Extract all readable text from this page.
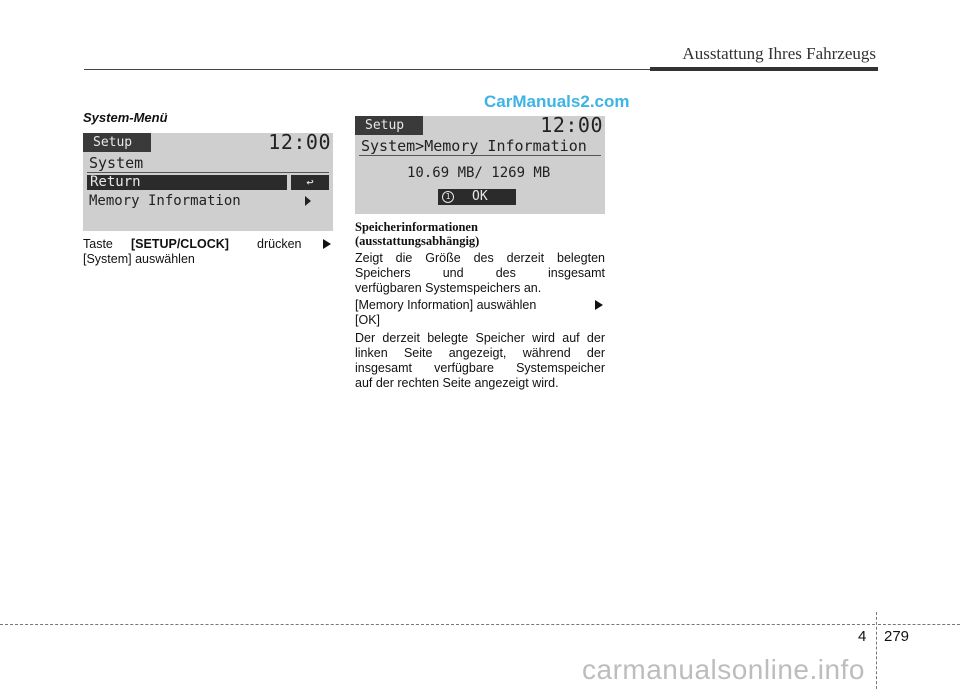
Ausstattung Ihres Fahrzeugs
CarManuals2.com
System-Menü
Setup	12:00
System
Return	↩
Memory Information
Setup	12:00
System>Memory Information
10.69 MB/ 1269 MB
1 OK
Taste [SETUP/CLOCK] drücken
[System] auswählen
Speicherinformationen
(ausstattungsabhängig)
Zeigt die Größe des derzeit belegten
Speichers und des insgesamt
verfügbaren Systemspeichers an.
[Memory Information] auswählen
[OK]
Der derzeit belegte Speicher wird auf der
linken Seite angezeigt, während der
insgesamt verfügbare Systemspeicher
auf der rechten Seite angezeigt wird.
4 279
carmanualsonline.info
